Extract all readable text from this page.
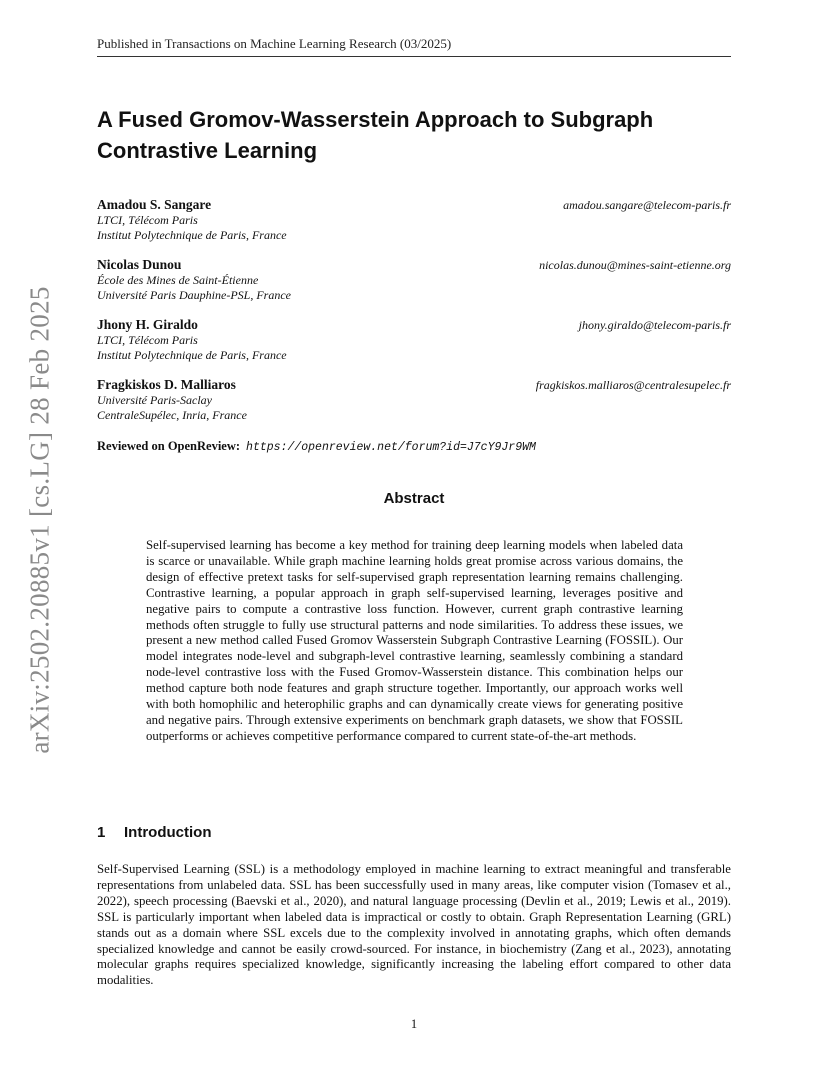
Published in Transactions on Machine Learning Research (03/2025)
arXiv:2502.20885v1 [cs.LG] 28 Feb 2025
A Fused Gromov-Wasserstein Approach to Subgraph Contrastive Learning
Amadou S. Sangare	amadou.sangare@telecom-paris.fr
LTCI, Télécom Paris
Institut Polytechnique de Paris, France
Nicolas Dunou	nicolas.dunou@mines-saint-etienne.org
École des Mines de Saint-Étienne
Université Paris Dauphine-PSL, France
Jhony H. Giraldo	jhony.giraldo@telecom-paris.fr
LTCI, Télécom Paris
Institut Polytechnique de Paris, France
Fragkiskos D. Malliaros	fragkiskos.malliaros@centralesupelec.fr
Université Paris-Saclay
CentraleSupélec, Inria, France
Reviewed on OpenReview: https://openreview.net/forum?id=J7cY9Jr9WM
Abstract
Self-supervised learning has become a key method for training deep learning models when labeled data is scarce or unavailable. While graph machine learning holds great promise across various domains, the design of effective pretext tasks for self-supervised graph representation learning remains challenging. Contrastive learning, a popular approach in graph self-supervised learning, leverages positive and negative pairs to compute a contrastive loss function. However, current graph contrastive learning methods often struggle to fully use structural patterns and node similarities. To address these issues, we present a new method called Fused Gromov Wasserstein Subgraph Contrastive Learning (FOSSIL). Our model integrates node-level and subgraph-level contrastive learning, seamlessly combining a standard node-level contrastive loss with the Fused Gromov-Wasserstein distance. This combination helps our method capture both node features and graph structure together. Importantly, our approach works well with both homophilic and heterophilic graphs and can dynamically create views for generating positive and negative pairs. Through extensive experiments on benchmark graph datasets, we show that FOSSIL outperforms or achieves competitive performance compared to current state-of-the-art methods.
1 Introduction
Self-Supervised Learning (SSL) is a methodology employed in machine learning to extract meaningful and transferable representations from unlabeled data. SSL has been successfully used in many areas, like computer vision (Tomasev et al., 2022), speech processing (Baevski et al., 2020), and natural language processing (Devlin et al., 2019; Lewis et al., 2019). SSL is particularly important when labeled data is impractical or costly to obtain. Graph Representation Learning (GRL) stands out as a domain where SSL excels due to the complexity involved in annotating graphs, which often demands specialized knowledge and cannot be easily crowd-sourced. For instance, in biochemistry (Zang et al., 2023), annotating molecular graphs requires specialized knowledge, significantly increasing the labeling effort compared to other data modalities.
1
